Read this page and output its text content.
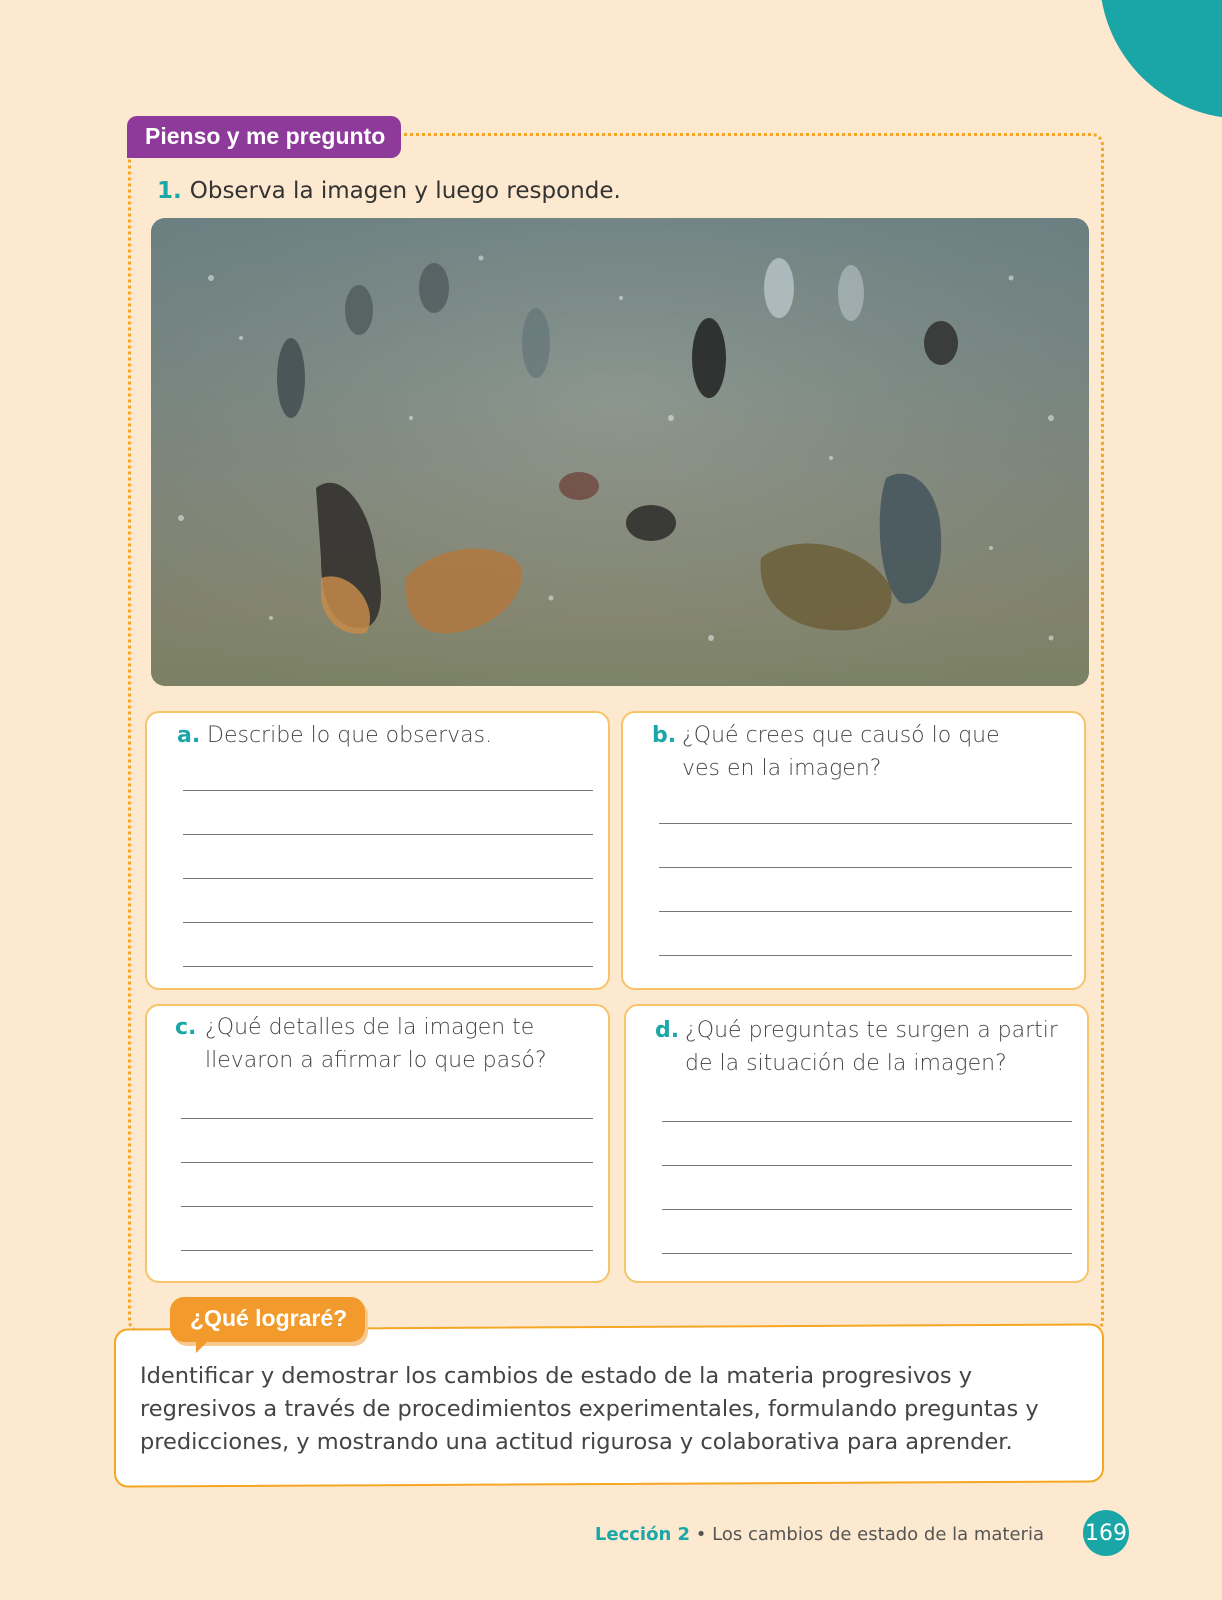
Pienso y me pregunto
1. Observa la imagen y luego responde.
a. Describe lo que observas.	b. ¿Qué crees que causó lo que ves en la imagen?
c. ¿Qué detalles de la imagen te llevaron a afirmar lo que pasó?
d. ¿Qué preguntas te surgen a partir de la situación de la imagen?
¿Qué lograré?
Identificar y demostrar los cambios de estado de la materia progresivos y regresivos a través de procedimientos experimentales, formulando preguntas y predicciones, y mostrando una actitud rigurosa y colaborativa para aprender.
Lección 2 • Los cambios de estado de la materia 169
